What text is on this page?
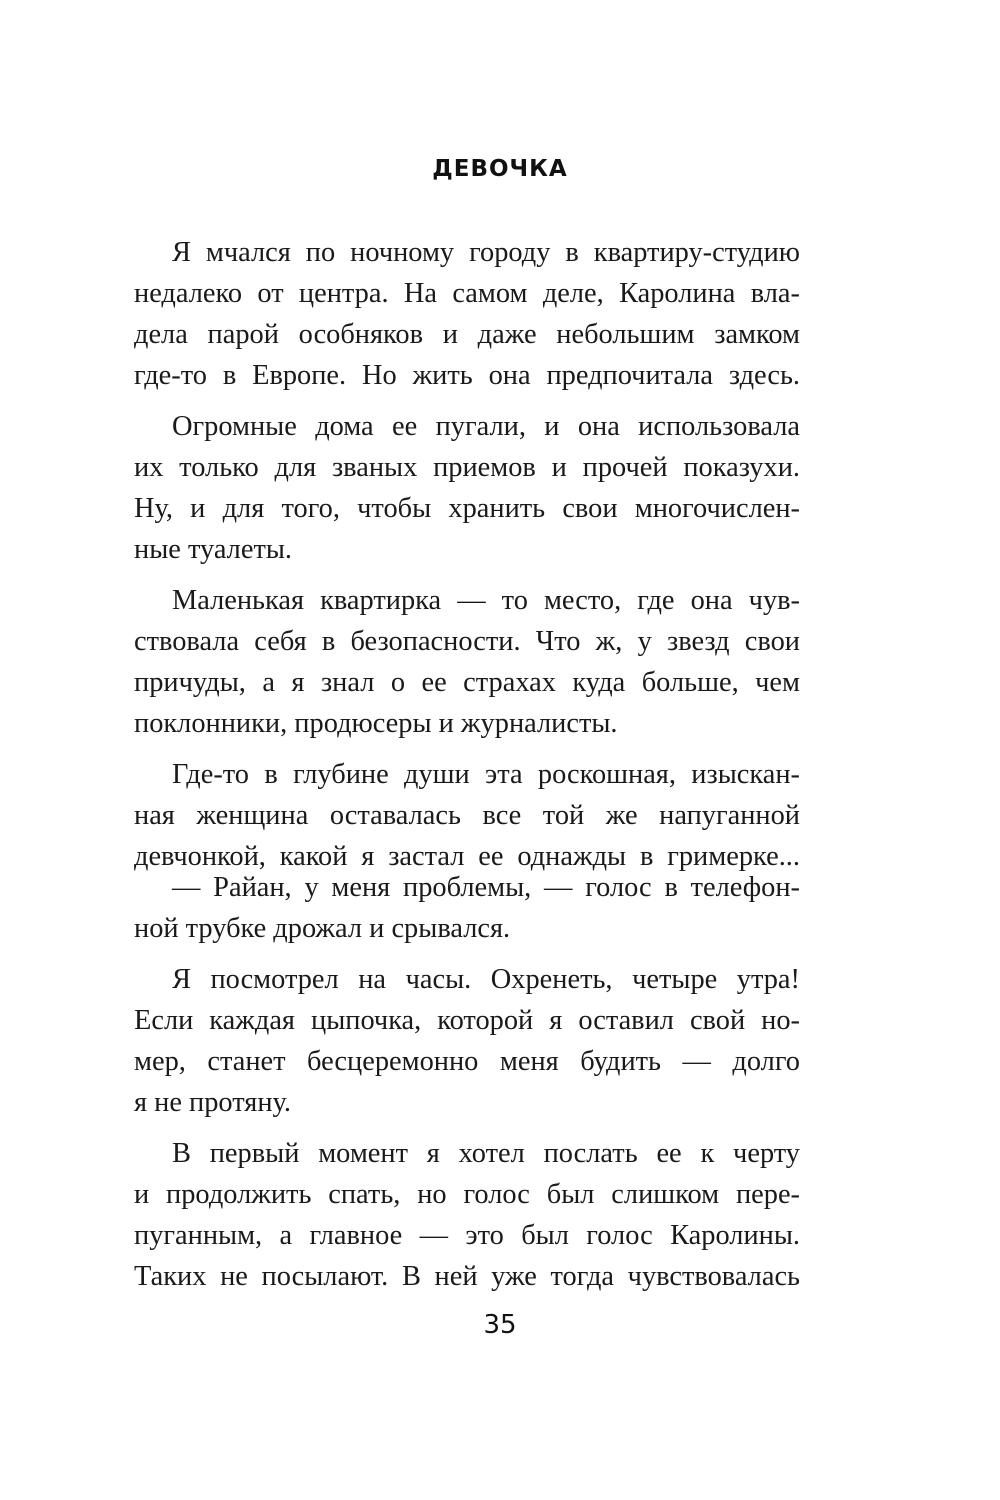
ДЕВОЧКА
Я мчался по ночному городу в квартиру-студию
недалеко от центра. На самом деле, Каролина вла-
дела парой особняков и даже небольшим замком
где-то в Европе. Но жить она предпочитала здесь.
Огромные дома ее пугали, и она использовала
их только для званых приемов и прочей показухи.
Ну, и для того, чтобы хранить свои многочислен-
ные туалеты.
Маленькая квартирка — то место, где она чув-
ствовала себя в безопасности. Что ж, у звезд свои
причуды, а я знал о ее страхах куда больше, чем
поклонники, продюсеры и журналисты.
Где-то в глубине души эта роскошная, изыскан-
ная женщина оставалась все той же напуганной
девчонкой, какой я застал ее однажды в гримерке...
— Райан, у меня проблемы, — голос в телефон-
ной трубке дрожал и срывался.
Я посмотрел на часы. Охренеть, четыре утра!
Если каждая цыпочка, которой я оставил свой но-
мер, станет бесцеремонно меня будить — долго
я не протяну.
В первый момент я хотел послать ее к черту
и продолжить спать, но голос был слишком пере-
пуганным, а главное — это был голос Каролины.
Таких не посылают. В ней уже тогда чувствовалась
35
